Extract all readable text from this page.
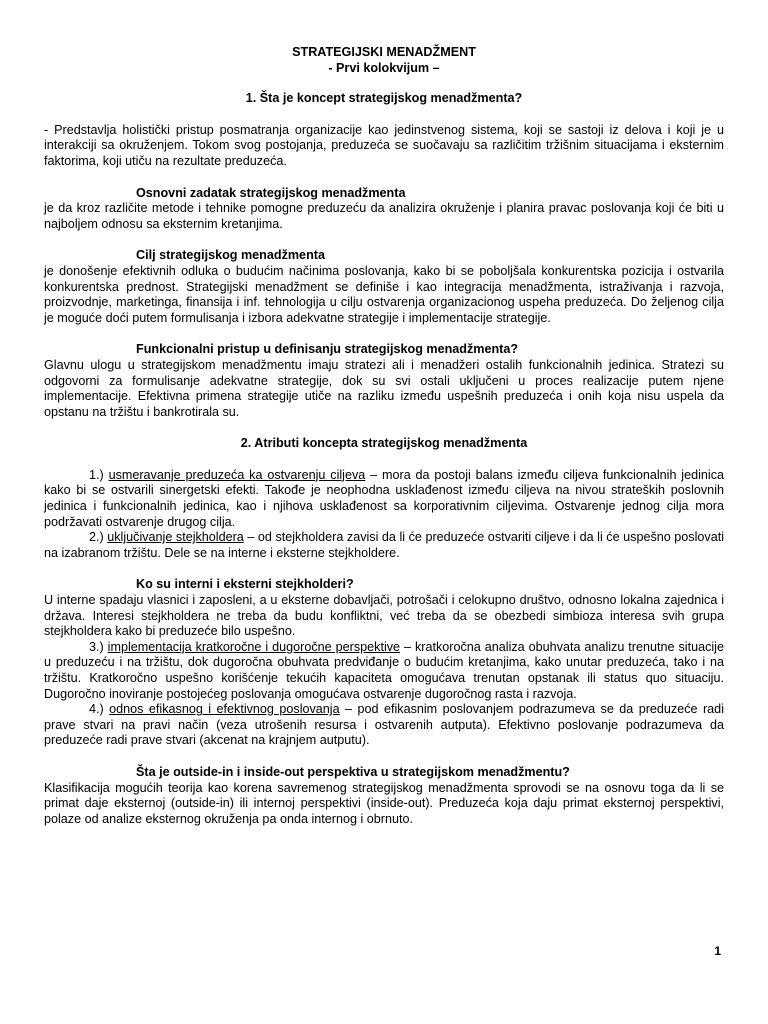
STRATEGIJSKI MENADŽMENT
- Prvi kolokvijum –
1. Šta je koncept strategijskog menadžmenta?

- Predstavlja holistički pristup posmatranja organizacije kao jedinstvenog sistema, koji se sastoji iz delova i koji je u interakciji sa okruženjem. Tokom svog postojanja, preduzeća se suočavaju sa različitim tržišnim situacijama i eksternim faktorima, koji utiču na rezultate preduzeća.

Osnovni zadatak strategijskog menadžmenta

je da kroz različite metode i tehnike pomogne preduzeću da analizira okruženje i planira pravac poslovanja koji će biti u najboljem odnosu sa eksternim kretanjima.

Cilj strategijskog menadžmenta

je donošenje efektivnih odluka o budućim načinima poslovanja, kako bi se poboljšala konkurentska pozicija i ostvarila konkurentska prednost. Strategijski menadžment se definiše i kao integracija menadžmenta, istraživanja i razvoja, proizvodnje, marketinga, finansija i inf. tehnologija u cilju ostvarenja organizacionog uspeha preduzeća. Do željenog cilja je moguće doći putem formulisanja i izbora adekvatne strategije i implementacije strategije.

Funkcionalni pristup u definisanju strategijskog menadžmenta?

Glavnu ulogu u strategijskom menadžmentu imaju stratezi ali i menadžeri ostalih funkcionalnih jedinica. Stratezi su odgovorni za formulisanje adekvatne strategije, dok su svi ostali uključeni u proces realizacije putem njene implementacije. Efektivna primena strategije utiče na razliku između uspešnih preduzeća i onih koja nisu uspela da opstanu na tržištu i bankrotirala su.

2. Atributi koncepta strategijskog menadžmenta

1.) usmeravanje preduzeća ka ostvarenju ciljeva – mora da postoji balans između ciljeva funkcionalnih jedinica kako bi se ostvarili sinergetski efekti. Takođe je neophodna usklađenost između ciljeva na nivou strateških poslovnih jedinica i funkcionalnih jedinica, kao i njihova usklađenost sa korporativnim ciljevima. Ostvarenje jednog cilja mora podržavati ostvarenje drugog cilja.

2.) uključivanje stejkholdera – od stejkholdera zavisi da li će preduzeće ostvariti ciljeve i da li će uspešno poslovati na izabranom tržištu. Dele se na interne i eksterne stejkholdere.

Ko su interni i eksterni stejkholderi?

U interne spadaju vlasnici i zaposleni, a u eksterne dobavljači, potrošači i celokupno društvo, odnosno lokalna zajednica i država. Interesi stejkholdera ne treba da budu konfliktni, već treba da se obezbedi simbioza interesa svih grupa stejkholdera kako bi preduzeće bilo uspešno.

3.) implementacija kratkoročne i dugoročne perspektive – kratkoročna analiza obuhvata analizu trenutne situacije u preduzeću i na tržištu, dok dugoročna obuhvata predviđanje o budućim kretanjima, kako unutar preduzeća, tako i na tržištu. Kratkoročno uspešno korišćenje tekućih kapaciteta omogućava trenutan opstanak ili status quo situaciju. Dugoročno inoviranje postojećeg poslovanja omogućava ostvarenje dugoročnog rasta i razvoja.

4.) odnos efikasnog i efektivnog poslovanja – pod efikasnim poslovanjem podrazumeva se da preduzeće radi prave stvari na pravi način (veza utrošenih resursa i ostvarenih autputa). Efektivno poslovanje podrazumeva da preduzeće radi prave stvari (akcenat na krajnjem autputu).

Šta je outside-in i inside-out perspektiva u strategijskom menadžmentu?

Klasifikacija mogućih teorija kao korena savremenog strategijskog menadžmenta sprovodi se na osnovu toga da li se primat daje eksternoj (outside-in) ili internoj perspektivi (inside-out). Preduzeća koja daju primat eksternoj perspektivi, polaze od analize eksternog okruženja pa onda internog i obrnuto.

1
